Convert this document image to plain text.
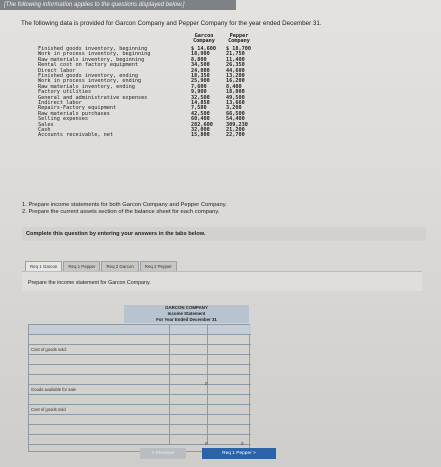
[The following information applies to the questions displayed below.]
The following data is provided for Garcon Company and Pepper Company for the year ended December 31.
Garcon
Company
Pepper
Company
Finished goods inventory, beginning	$ 14,600	$ 18,700
Work in process inventory, beginning	18,900	21,750
Raw materials inventory, beginning	8,800	11,400
Rental cost on factory equipment	34,500	26,350
Direct labor	24,000	44,600
Finished goods inventory, ending	18,350	13,200
Work in process inventory, ending	25,900	16,200
Raw materials inventory, ending	7,600	8,400
Factory utilities	9,900	18,000
General and administrative expenses	32,500	49,500
Indirect labor	14,850	13,660
Repairs-Factory equipment	7,580	3,200
Raw materials purchases	42,500	66,500
Selling expenses	60,400	54,400
Sales	282,600	309,230
Cash	32,000	21,200
Accounts receivable, net	15,800	22,700
1. Prepare income statements for both Garcon Company and Pepper Company.
2. Prepare the current assets section of the balance sheet for each company.
Complete this question by entering your answers in the tabs below.
Req 1 Garcon	Req 1 Pepper	Req 2 Garcon	Req 2 Pepper
Prepare the income statement for Garcon Company.
GARCON COMPANY
Income Statement
For Year Ended December 31
Cost of goods sold:
Goods available for sale
Cost of goods sold
0
0	0
< Previous	Req 1 Pepper >
